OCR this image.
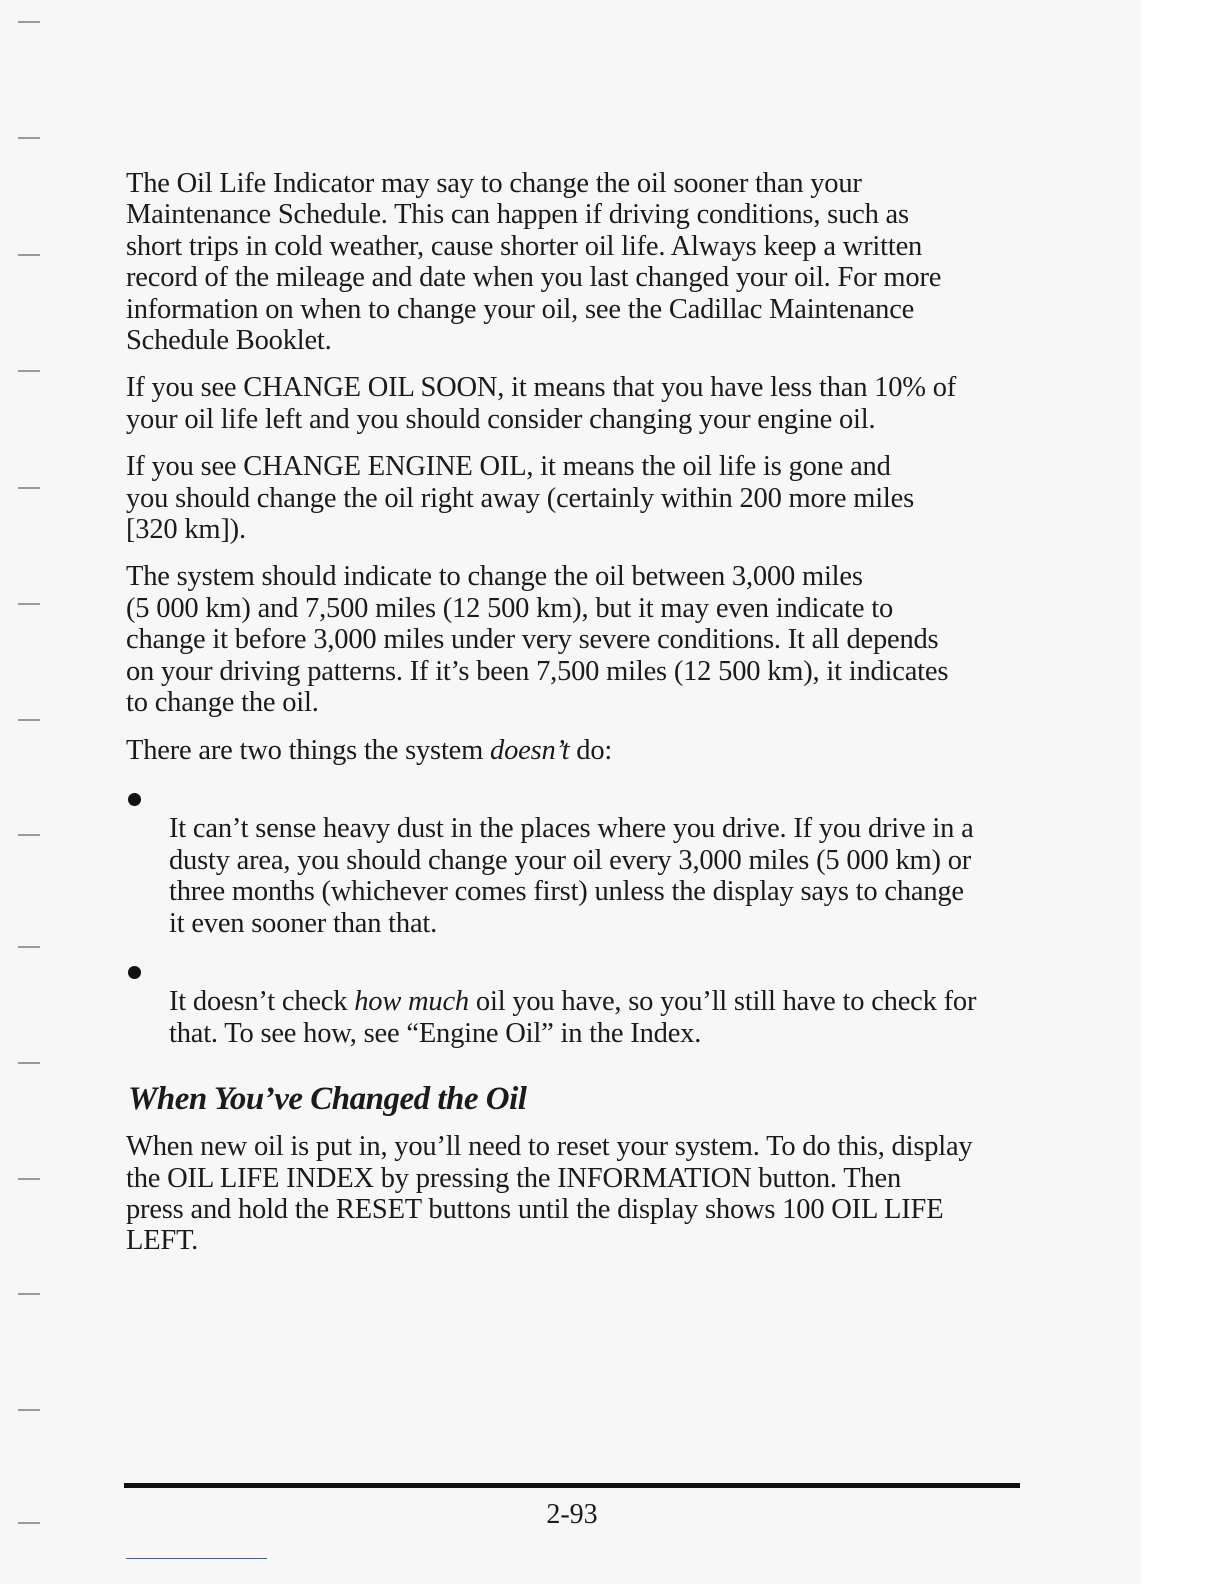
The Oil Life Indicator may say to change the oil sooner than your
Maintenance Schedule. This can happen if driving conditions, such as
short trips in cold weather, cause shorter oil life. Always keep a written
record of the mileage and date when you last changed your oil. For more
information on when to change your oil, see the Cadillac Maintenance
Schedule Booklet.

If you see CHANGE OIL SOON, it means that you have less than 10% of
your oil life left and you should consider changing your engine oil.

If you see CHANGE ENGINE OIL, it means the oil life is gone and
you should change the oil right away (certainly within 200 more miles
[320 km]).

The system should indicate to change the oil between 3,000 miles
(5 000 km) and 7,500 miles (12 500 km), but it may even indicate to
change it before 3,000 miles under very severe conditions. It all depends
on your driving patterns. If it’s been 7,500 miles (12 500 km), it indicates
to change the oil.

There are two things the system doesn’t do:

It can’t sense heavy dust in the places where you drive. If you drive in a
dusty area, you should change your oil every 3,000 miles (5 000 km) or
three months (whichever comes first) unless the display says to change
it even sooner than that.

It doesn’t check how much oil you have, so you’ll still have to check for
that. To see how, see “Engine Oil” in the Index.

When You’ve Changed the Oil

When new oil is put in, you’ll need to reset your system. To do this, display
the OIL LIFE INDEX by pressing the INFORMATION button. Then
press and hold the RESET buttons until the display shows 100 OIL LIFE
LEFT.

2-93
